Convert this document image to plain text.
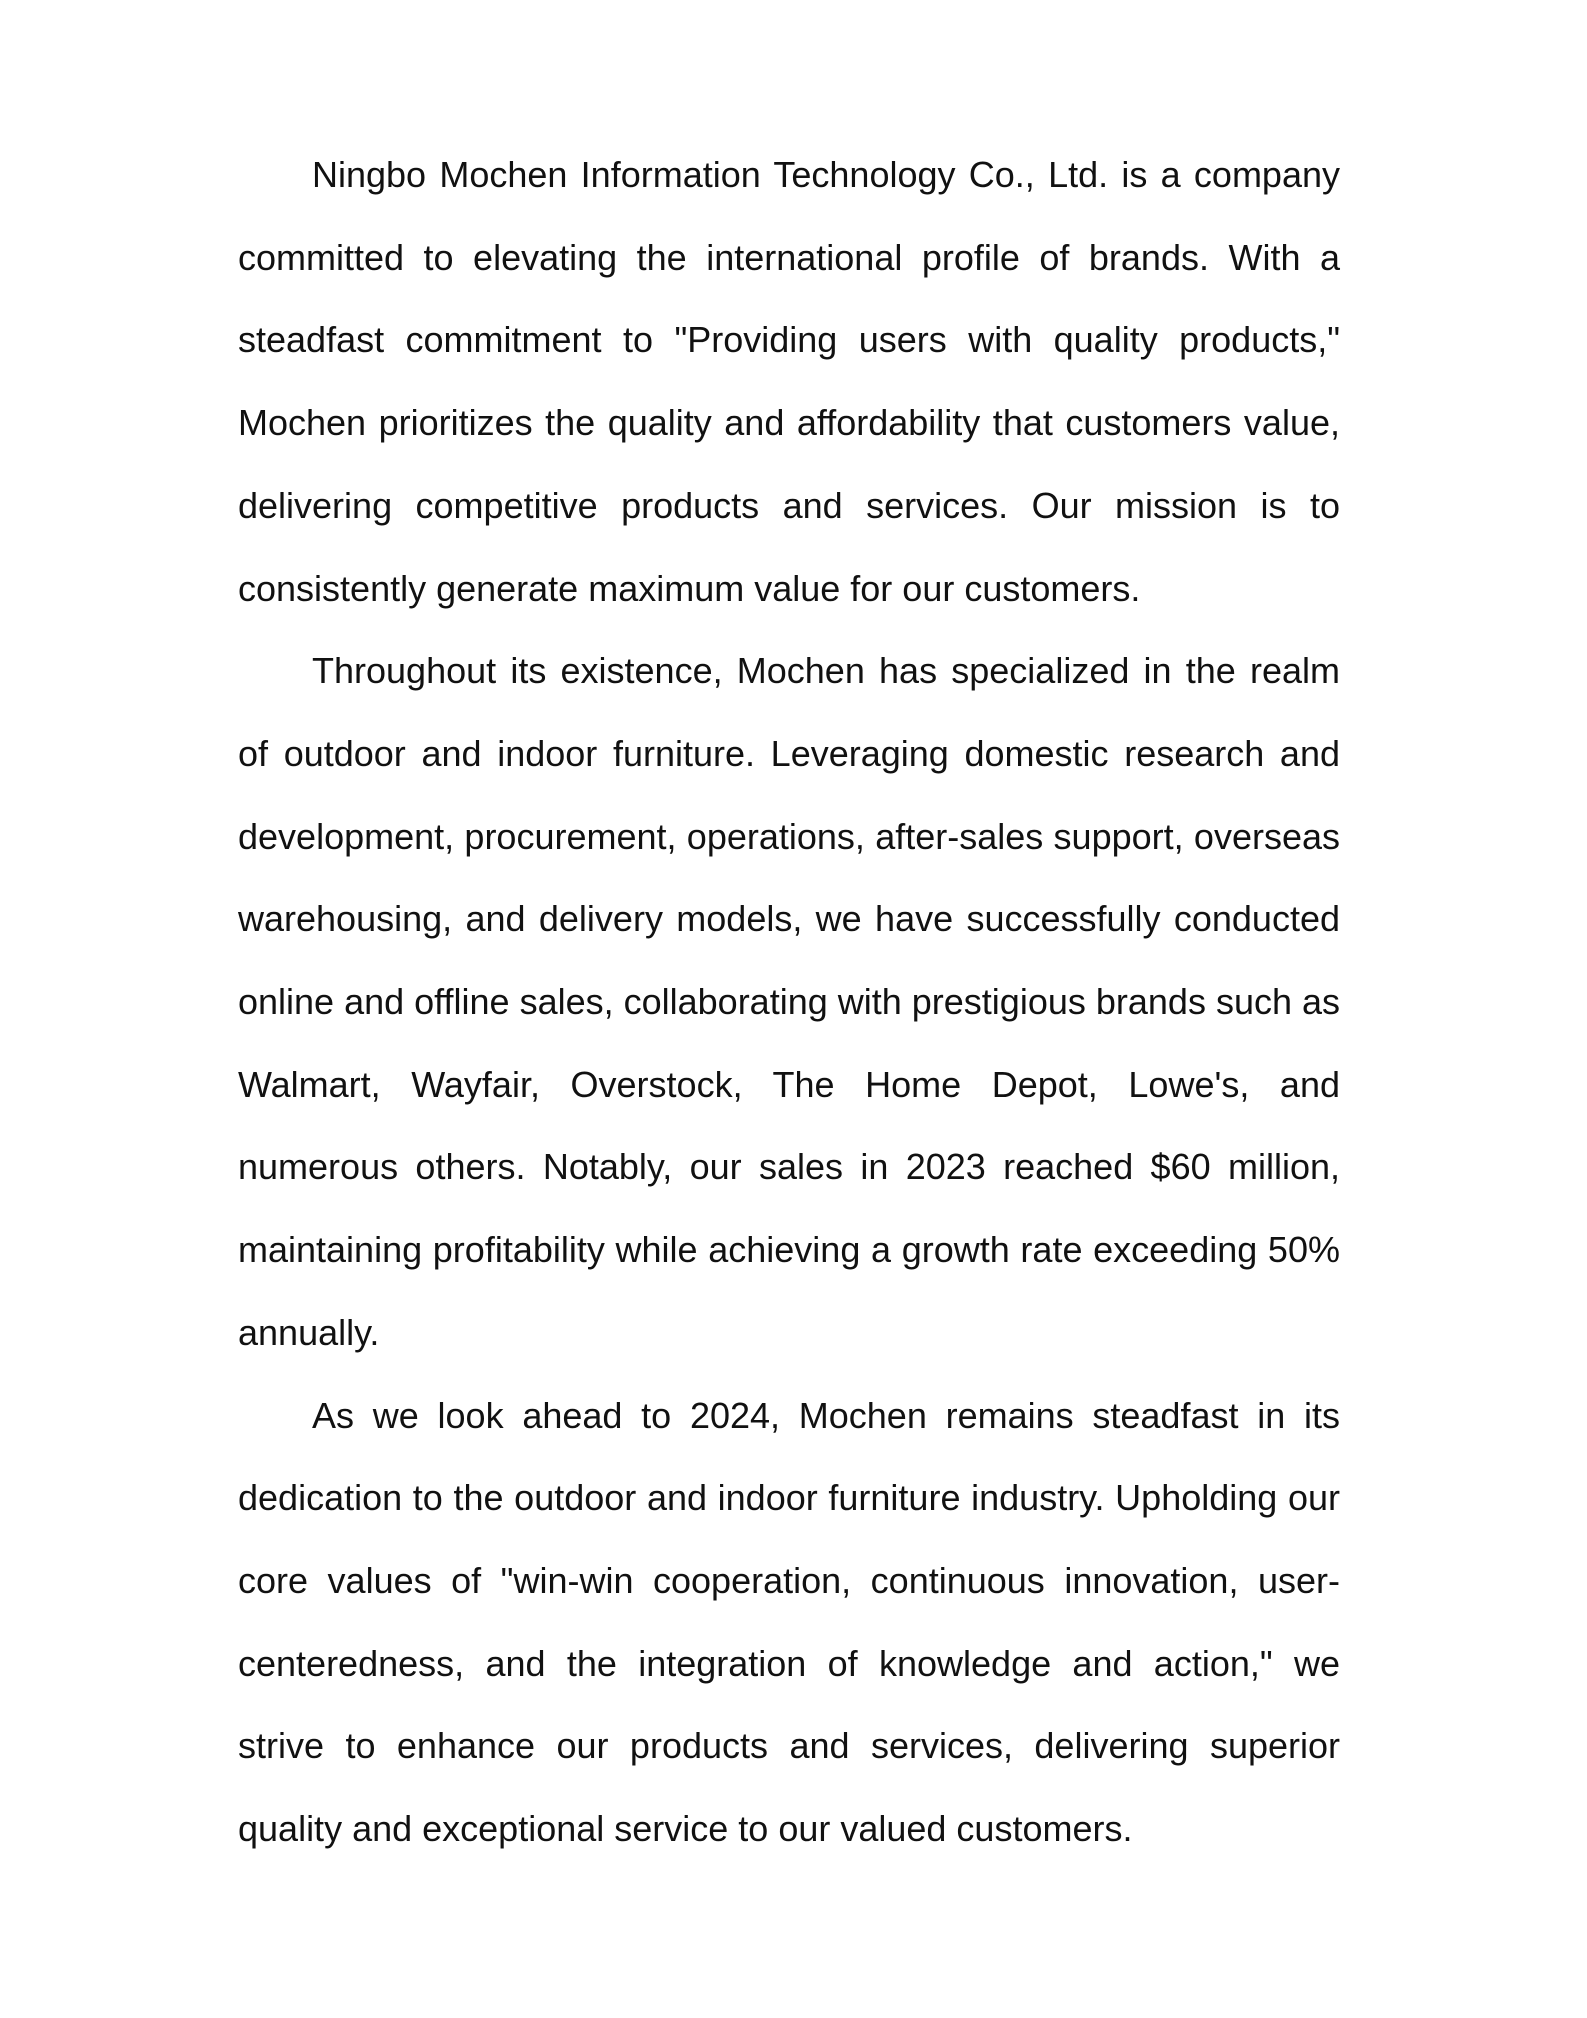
Ningbo Mochen Information Technology Co., Ltd. is a company committed to elevating the international profile of brands. With a steadfast commitment to "Providing users with quality products," Mochen prioritizes the quality and affordability that customers value, delivering competitive products and services. Our mission is to consistently generate maximum value for our customers.

Throughout its existence, Mochen has specialized in the realm of outdoor and indoor furniture. Leveraging domestic research and development, procurement, operations, after-sales support, overseas warehousing, and delivery models, we have successfully conducted online and offline sales, collaborating with prestigious brands such as Walmart, Wayfair, Overstock, The Home Depot, Lowe's, and numerous others. Notably, our sales in 2023 reached $60 million, maintaining profitability while achieving a growth rate exceeding 50% annually.

As we look ahead to 2024, Mochen remains steadfast in its dedication to the outdoor and indoor furniture industry. Upholding our core values of "win-win cooperation, continuous innovation, user-centeredness, and the integration of knowledge and action," we strive to enhance our products and services, delivering superior quality and exceptional service to our valued customers.
